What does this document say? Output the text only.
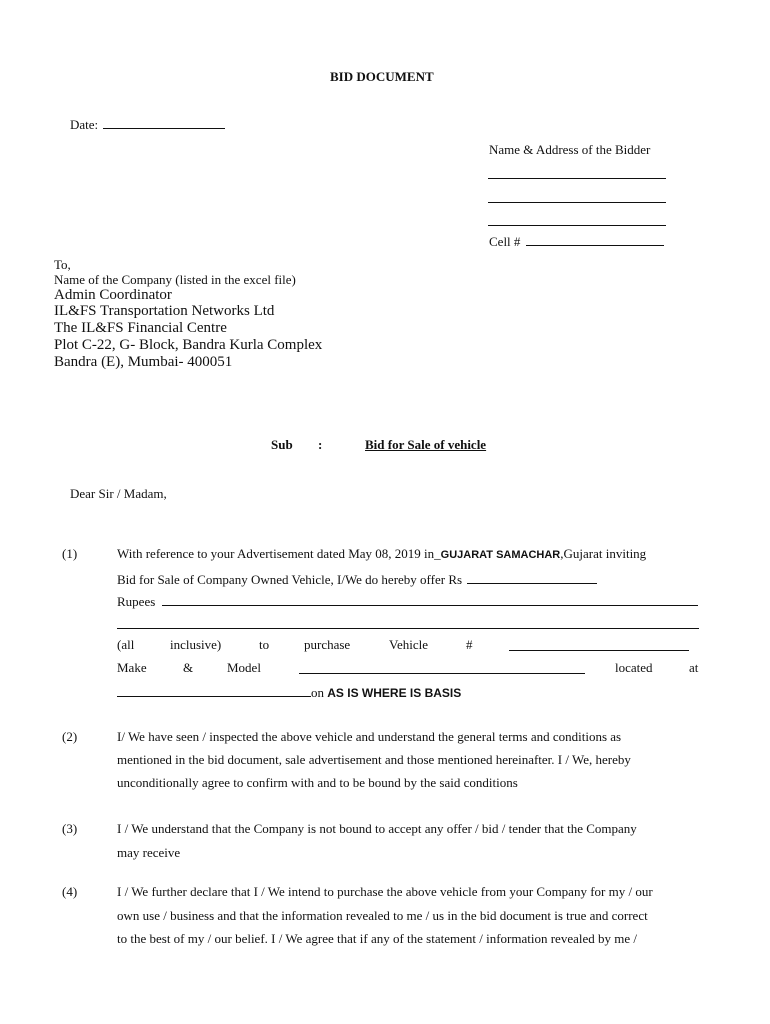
BID DOCUMENT
Date:
Name & Address of the Bidder
Cell #
To,
Name of the Company (listed in the excel file)
Admin Coordinator
IL&FS Transportation Networks Ltd
The IL&FS Financial Centre
Plot C-22, G- Block, Bandra Kurla Complex
Bandra (E), Mumbai- 400051
Sub :	Bid for Sale of vehicle
Dear Sir / Madam,
(1)	With reference to your Advertisement dated May 08, 2019 in_GUJARAT SAMACHAR,Gujarat inviting
Bid for Sale of Company Owned Vehicle, I/We do hereby offer Rs
Rupees
(all	inclusive)	to	purchase	Vehicle	#
Make	&	Model	located	at
on AS IS WHERE IS BASIS
(2)	I/ We have seen / inspected the above vehicle and understand the general terms and conditions as
mentioned in the bid document, sale advertisement and those mentioned hereinafter. I / We, hereby
unconditionally agree to confirm with and to be bound by the said conditions
(3)	I / We understand that the Company is not bound to accept any offer / bid / tender that the Company
may receive
(4)	I / We further declare that I / We intend to purchase the above vehicle from your Company for my / our
own use / business and that the information revealed to me / us in the bid document is true and correct
to the best of my / our belief. I / We agree that if any of the statement / information revealed by me /
